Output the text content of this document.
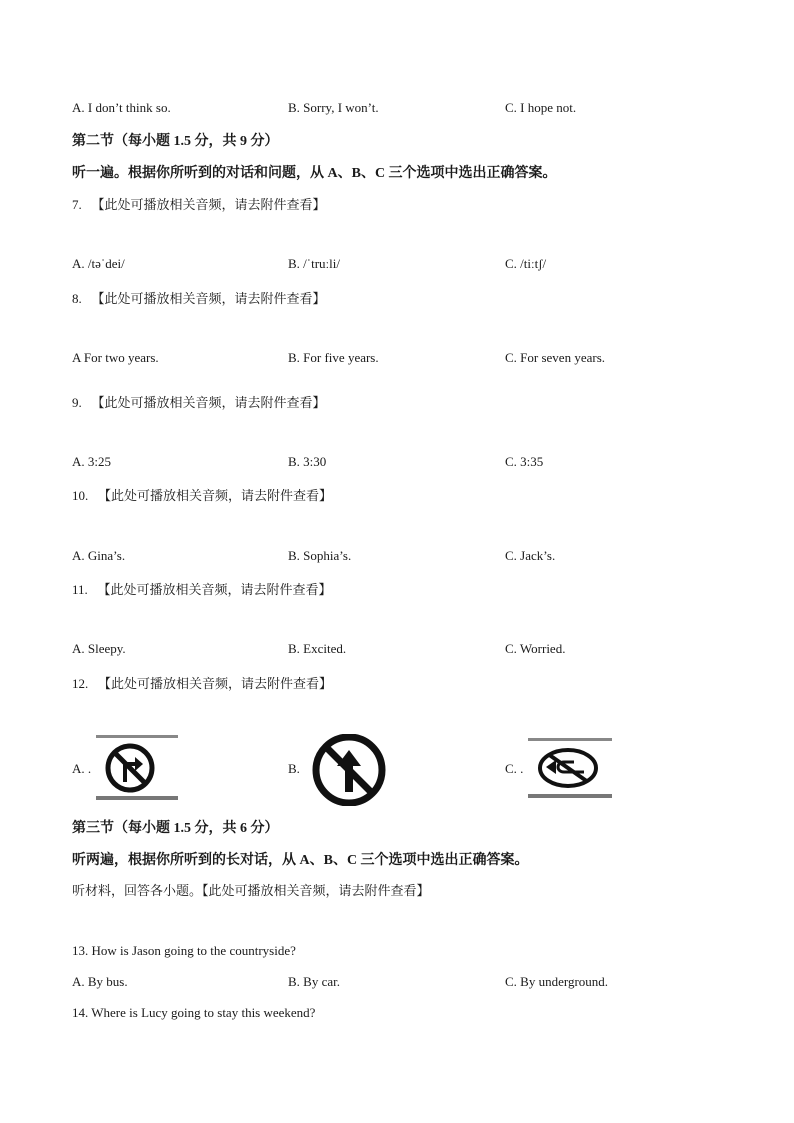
A. I don’t think so.	B. Sorry, I won’t.	C. I hope not.
第二节（每小题 1.5 分，共 9 分）
听一遍。根据你所听到的对话和问题，从 A、B、C 三个选项中选出正确答案。
7. 【此处可播放相关音频，请去附件查看】
A. /təˈdei/	B. /ˈtruːli/	C. /tiːtʃ/
8. 【此处可播放相关音频，请去附件查看】
A For two years.	B. For five years.	C. For seven years.
9. 【此处可播放相关音频，请去附件查看】
A. 3:25	B. 3:30	C. 3:35
10. 【此处可播放相关音频，请去附件查看】
A. Gina’s.	B. Sophia’s.	C. Jack’s.
11. 【此处可播放相关音频，请去附件查看】
A. Sleepy.	B. Excited.	C. Worried.
12. 【此处可播放相关音频，请去附件查看】
A. .	B.	C. .
第三节（每小题 1.5 分，共 6 分）
听两遍，根据你所听到的长对话，从 A、B、C 三个选项中选出正确答案。
听材料，回答各小题。【此处可播放相关音频，请去附件查看】
13. How is Jason going to the countryside?
A. By bus.	B. By car.	C. By underground.
14. Where is Lucy going to stay this weekend?
